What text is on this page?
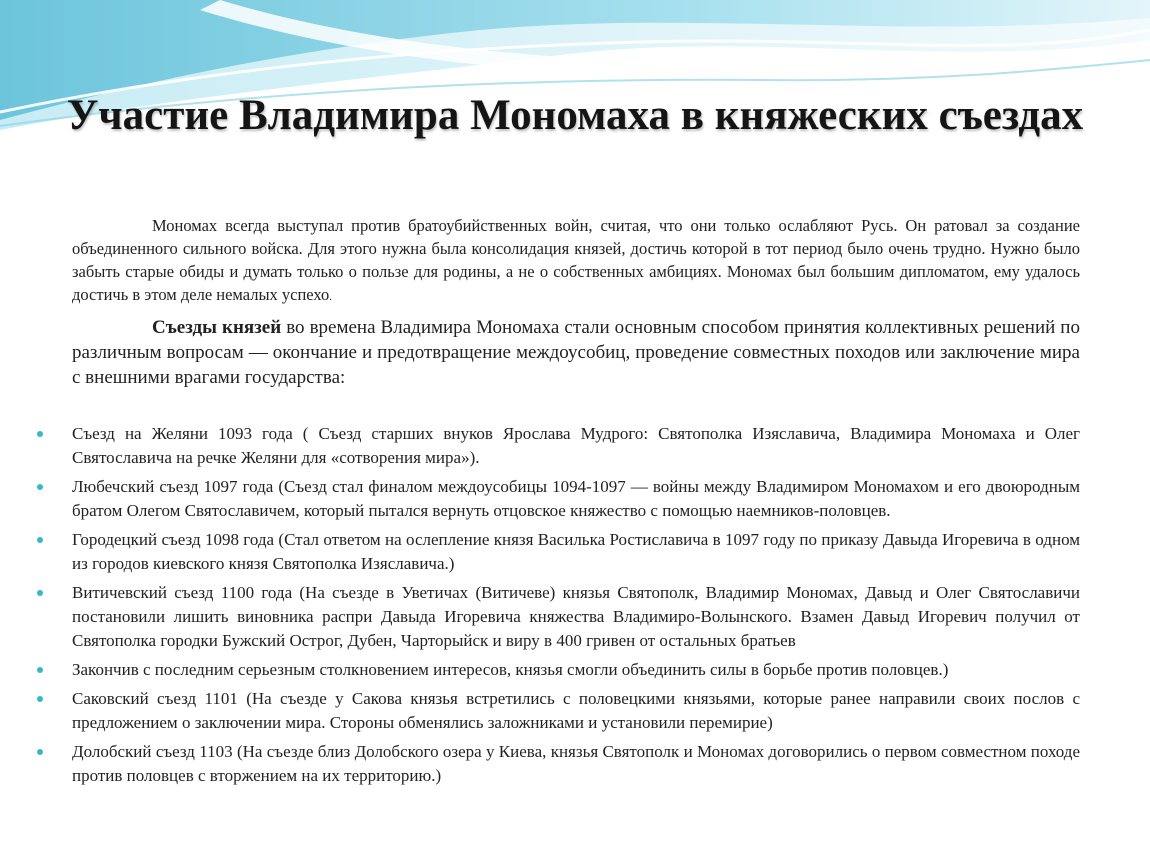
Участие Владимира Мономаха в княжеских съездах

Мономах всегда выступал против братоубийственных войн, считая, что они только ослабляют Русь. Он ратовал за создание объединенного сильного войска. Для этого нужна была консолидация князей, достичь которой в тот период было очень трудно. Нужно было забыть старые обиды и думать только о пользе для родины, а не о собственных амбициях. Мономах был большим дипломатом, ему удалось достичь в этом деле немалых успехо.

Съезды князей во времена Владимира Мономаха стали основным способом принятия коллективных решений по различным вопросам — окончание и предотвращение междоусобиц, проведение совместных походов или заключение мира с внешними врагами государства:

Съезд на Желяни 1093 года ( Съезд старших внуков Ярослава Мудрого: Святополка Изяславича, Владимира Мономаха и Олег Святославича на речке Желяни для «сотворения мира»).
Любечский съезд 1097 года (Съезд стал финалом междоусобицы 1094-1097 — войны между Владимиром Мономахом и его двоюродным братом Олегом Святославичем, который пытался вернуть отцовское княжество с помощью наемников-половцев.
Городецкий съезд 1098 года (Стал ответом на ослепление князя Василька Ростиславича в 1097 году по приказу Давыда Игоревича в одном из городов киевского князя Святополка Изяславича.)
Витичевский съезд 1100 года (На съезде в Уветичах (Витичеве) князья Святополк, Владимир Мономах, Давыд и Олег Святославичи постановили лишить виновника распри Давыда Игоревича княжества Владимиро-Волынского. Взамен Давыд Игоревич получил от Святополка городки Бужский Острог, Дубен, Чарторыйск и виру в 400 гривен от остальных братьев
Закончив с последним серьезным столкновением интересов, князья смогли объединить силы в борьбе против половцев.)
Саковский съезд 1101 (На съезде у Сакова князья встретились с половецкими князьями, которые ранее направили своих послов с предложением о заключении мира. Стороны обменялись заложниками и установили перемирие)
Долобский съезд 1103 (На съезде близ Долобского озера у Киева, князья Святополк и Мономах договорились о первом совместном походе против половцев с вторжением на их территорию.)
